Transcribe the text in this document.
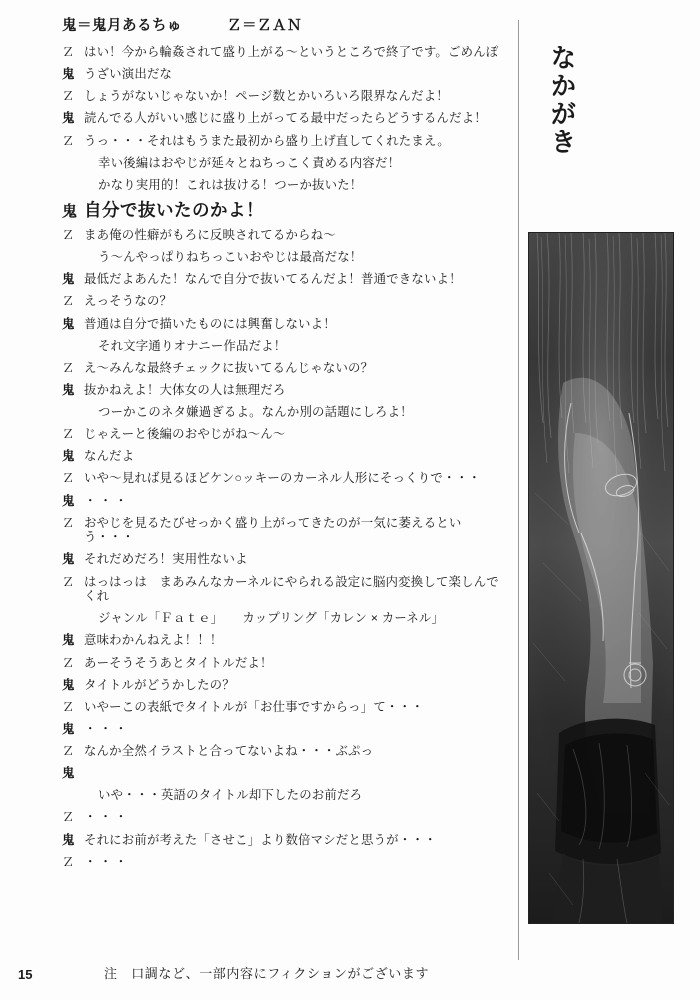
鬼＝鬼月あるちゅ　　　Ｚ＝ＺＡＮ
Ｚ はい！今から輪姦されて盛り上がる〜というところで終了です。ごめんぽ
鬼 うざい演出だな
Ｚ しょうがないじゃないか！ページ数とかいろいろ限界なんだよ！
鬼 読んでる人がいい感じに盛り上がってる最中だったらどうするんだよ！
Ｚ うっ・・・それはもうまた最初から盛り上げ直してくれたまえ。
幸い後編はおやじが延々とねちっこく責める内容だ！
かなり実用的！これは抜ける！つーか抜いた！
鬼 自分で抜いたのかよ！
Ｚ まあ俺の性癖がもろに反映されてるからね〜
う〜んやっぱりねちっこいおやじは最高だな！
鬼 最低だよあんた！なんで自分で抜いてるんだよ！普通できないよ！
Ｚ えっそうなの？
鬼 普通は自分で描いたものには興奮しないよ！
それ文字通りオナニー作品だよ！
Ｚ え〜みんな最終チェックに抜いてるんじゃないの？
鬼 抜かねえよ！大体女の人は無理だろ
つーかこのネタ嫌過ぎるよ。なんか別の話題にしろよ！
Ｚ じゃえーと後編のおやじがね〜ん〜
鬼 なんだよ
Ｚ いや〜見れば見るほどケン○ッキーのカーネル人形にそっくりで・・・
鬼 ・・・
Ｚ おやじを見るたびせっかく盛り上がってきたのが一気に萎えるという・・・
鬼 それだめだろ！実用性ないよ
Ｚ はっはっは　まあみんなカーネルにやられる設定に脳内変換して楽しんでくれ
ジャンル「Ｆａｔｅ」　　カップリング「カレン × カーネル」
鬼 意味わかんねえよ！！！
Ｚ あーそうそうあとタイトルだよ！
鬼 タイトルがどうかしたの？
Ｚ いやーこの表紙でタイトルが「お仕事ですからっ」て・・・
鬼 ・・・
Ｚ なんか全然イラストと合ってないよね・・・ぶぷっ
鬼
いや・・・英語のタイトル却下したのお前だろ
Ｚ ・・・
鬼 それにお前が考えた「させこ」より数倍マシだと思うが・・・
Ｚ ・・・
15	注　口調など、一部内容にフィクションがございます
なかがき
